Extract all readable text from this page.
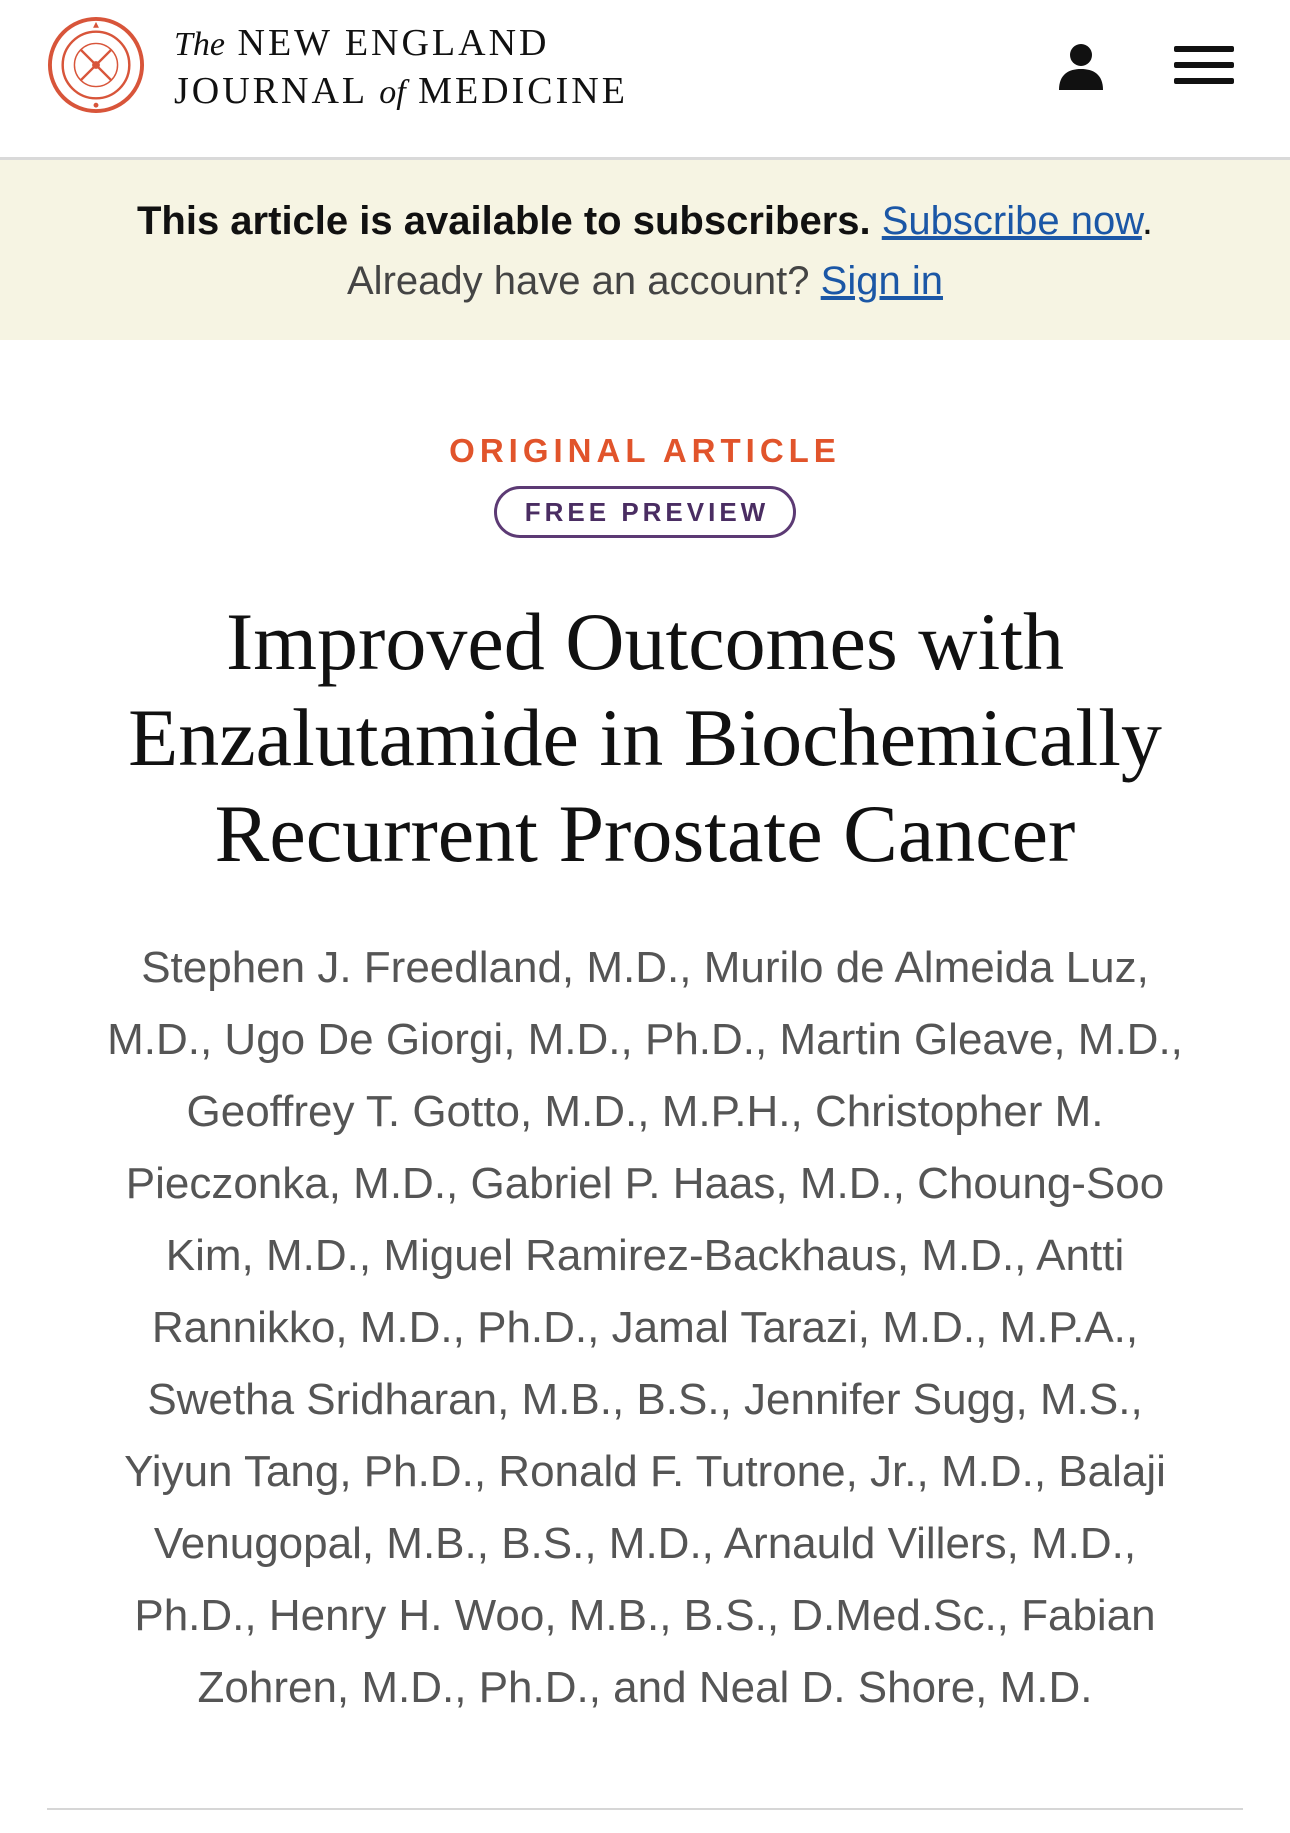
The NEW ENGLAND
JOURNAL of MEDICINE
This article is available to subscribers. Subscribe now.
Already have an account? Sign in
ORIGINAL ARTICLE
FREE PREVIEW
Improved Outcomes with Enzalutamide in Biochemically Recurrent Prostate Cancer

Stephen J. Freedland, M.D., Murilo de Almeida Luz, M.D., Ugo De Giorgi, M.D., Ph.D., Martin Gleave, M.D., Geoffrey T. Gotto, M.D., M.P.H., Christopher M. Pieczonka, M.D., Gabriel P. Haas, M.D., Choung-Soo Kim, M.D., Miguel Ramirez-Backhaus, M.D., Antti Rannikko, M.D., Ph.D., Jamal Tarazi, M.D., M.P.A., Swetha Sridharan, M.B., B.S., Jennifer Sugg, M.S., Yiyun Tang, Ph.D., Ronald F. Tutrone, Jr., M.D., Balaji Venugopal, M.B., B.S., M.D., Arnauld Villers, M.D., Ph.D., Henry H. Woo, M.B., B.S., D.Med.Sc., Fabian Zohren, M.D., Ph.D., and Neal D. Shore, M.D.
